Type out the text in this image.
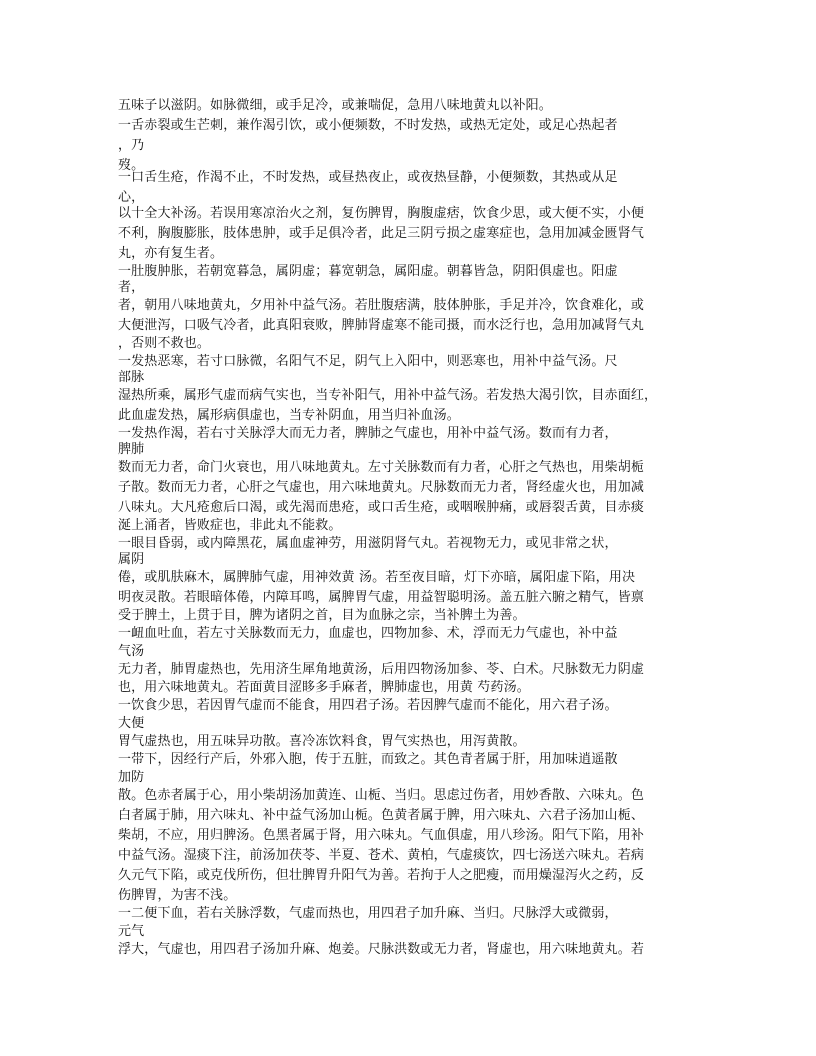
五味子以滋阴。如脉微细，或手足冷，或兼喘促，急用八味地黄丸以补阳。
一舌赤裂或生芒刺，兼作渴引饮，或小便频数，不时发热，或热无定处，或足心热起者
，乃
歿。
一口舌生疮，作渴不止，不时发热，或昼热夜止，或夜热昼静，小便频数，其热或从足
心，
以十全大补汤。若误用寒凉治火之剂，复伤脾胃，胸腹虚痞，饮食少思，或大便不实，小便
不利，胸腹膨胀，肢体患肿，或手足俱冷者，此足三阴亏损之虚寒症也，急用加减金匮肾气
丸，亦有复生者。
一肚腹肿胀，若朝宽暮急，属阴虚；暮宽朝急，属阳虚。朝暮皆急，阴阳俱虚也。阳虚
者，
者，朝用八味地黄丸，夕用补中益气汤。若肚腹痞满，肢体肿胀，手足并冷，饮食难化，或
大便泄泻，口吸气冷者，此真阳衰败，脾肺肾虚寒不能司摄，而水泛行也，急用加减肾气丸
，否则不救也。
一发热恶寒，若寸口脉微，名阳气不足，阴气上入阳中，则恶寒也，用补中益气汤。尺
部脉
湿热所乘，属形气虚而病气实也，当专补阳气，用补中益气汤。若发热大渴引饮，目赤面红，
此血虚发热，属形病俱虚也，当专补阴血，用当归补血汤。
一发热作渴，若右寸关脉浮大而无力者，脾肺之气虚也，用补中益气汤。数而有力者，
脾肺
数而无力者，命门火衰也，用八味地黄丸。左寸关脉数而有力者，心肝之气热也，用柴胡栀
子散。数而无力者，心肝之气虚也，用六味地黄丸。尺脉数而无力者，肾经虚火也，用加减
八味丸。大凡疮愈后口渴，或先渴而患疮，或口舌生疮，或咽喉肿痛，或唇裂舌黄，目赤痰
涎上涌者，皆败症也，非此丸不能救。
一眼目昏弱，或内障黑花，属血虚神劳，用滋阴肾气丸。若视物无力，或见非常之状，
属阴
倦，或肌肤麻木，属脾肺气虚，用神效黄 汤。若至夜目暗，灯下亦暗，属阳虚下陷，用决
明夜灵散。若眼暗体倦，内障耳鸣，属脾胃气虚，用益智聪明汤。盖五脏六腑之精气，皆禀
受于脾土，上贯于目，脾为诸阴之首，目为血脉之宗，当补脾土为善。
一衄血吐血，若左寸关脉数而无力，血虚也，四物加参、术，浮而无力气虚也，补中益
气汤
无力者，肺胃虚热也，先用济生犀角地黄汤，后用四物汤加参、苓、白术。尺脉数无力阴虚
也，用六味地黄丸。若面黄目涩眵多手麻者，脾肺虚也，用黄 芍药汤。
一饮食少思，若因胃气虚而不能食，用四君子汤。若因脾气虚而不能化，用六君子汤。
大便
胃气虚热也，用五味异功散。喜冷冻饮料食，胃气实热也，用泻黄散。
一带下，因经行产后，外邪入胞，传于五脏，而致之。其色青者属于肝，用加味逍遥散
加防
散。色赤者属于心，用小柴胡汤加黄连、山栀、当归。思虑过伤者，用妙香散、六味丸。色
白者属于肺，用六味丸、补中益气汤加山栀。色黄者属于脾，用六味丸、六君子汤加山栀、
柴胡，不应，用归脾汤。色黑者属于肾，用六味丸。气血俱虚，用八珍汤。阳气下陷，用补
中益气汤。湿痰下注，前汤加茯苓、半夏、苍术、黄柏，气虚痰饮，四七汤送六味丸。若病
久元气下陷，或克伐所伤，但壮脾胃升阳气为善。若拘于人之肥瘦，而用燥湿泻火之药，反
伤脾胃，为害不浅。
一二便下血，若右关脉浮数，气虚而热也，用四君子加升麻、当归。尺脉浮大或微弱，
元气
浮大，气虚也，用四君子汤加升麻、炮姜。尺脉洪数或无力者，肾虚也，用六味地黄丸。若
